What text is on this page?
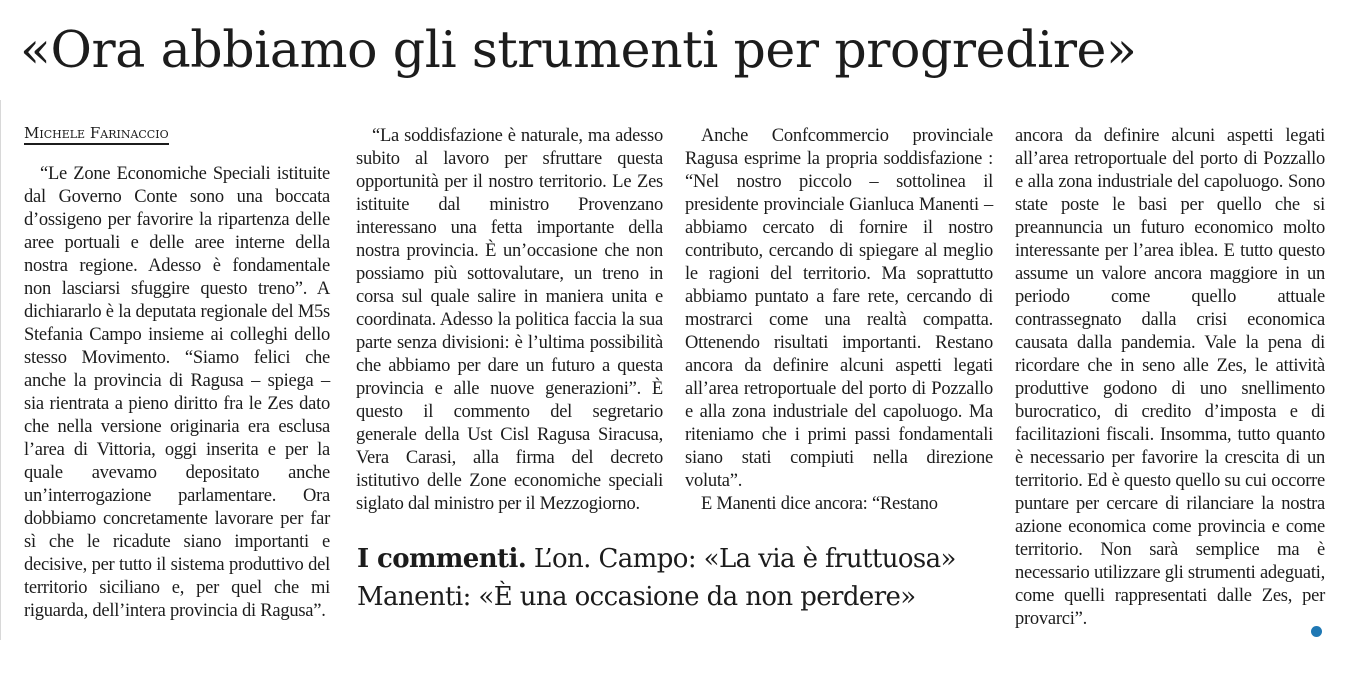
«Ora abbiamo gli strumenti per progredire»
Michele Farinaccio

“Le Zone Economiche Speciali istituite dal Governo Conte sono una boccata d’ossigeno per favorire la ripartenza delle aree portuali e delle aree interne della nostra regione. Adesso è fondamentale non lasciarsi sfuggire questo treno”. A dichiararlo è la deputata regionale del M5s Stefania Campo insieme ai colleghi dello stesso Movimento. “Siamo felici che anche la provincia di Ragusa – spiega – sia rientrata a pieno diritto fra le Zes dato che nella versione originaria era esclusa l’area di Vittoria, oggi inserita e per la quale avevamo depositato anche un’interrogazione parlamentare. Ora dobbiamo concretamente lavorare per far sì che le ricadute siano importanti e decisive, per tutto il sistema produttivo del territorio siciliano e, per quel che mi riguarda, dell’intera provincia di Ragusa”.

“La soddisfazione è naturale, ma adesso subito al lavoro per sfruttare questa opportunità per il nostro territorio. Le Zes istituite dal ministro Provenzano interessano una fetta importante della nostra provincia. È un’occasione che non possiamo più sottovalutare, un treno in corsa sul quale salire in maniera unita e coordinata. Adesso la politica faccia la sua parte senza divisioni: è l’ultima possibilità che abbiamo per dare un futuro a questa provincia e alle nuove generazioni”. È questo il commento del segretario generale della Ust Cisl Ragusa Siracusa, Vera Carasi, alla firma del decreto istitutivo delle Zone economiche speciali siglato dal ministro per il Mezzogiorno.

Anche Confcommercio provinciale Ragusa esprime la propria soddisfazione : “Nel nostro piccolo – sottolinea il presidente provinciale Gianluca Manenti – abbiamo cercato di fornire il nostro contributo, cercando di spiegare al meglio le ragioni del territorio. Ma soprattutto abbiamo puntato a fare rete, cercando di mostrarci come una realtà compatta. Ottenendo risultati importanti. Restano ancora da definire alcuni aspetti legati all’area retroportuale del porto di Pozzallo e alla zona industriale del capoluogo. Ma riteniamo che i primi passi fondamentali siano stati compiuti nella direzione voluta”.

E Manenti dice ancora: “Restano

ancora da definire alcuni aspetti legati all’area retroportuale del porto di Pozzallo e alla zona industriale del capoluogo. Sono state poste le basi per quello che si preannuncia un futuro economico molto interessante per l’area iblea. E tutto questo assume un valore ancora maggiore in un periodo come quello attuale contrassegnato dalla crisi economica causata dalla pandemia. Vale la pena di ricordare che in seno alle Zes, le attività produttive godono di uno snellimento burocratico, di credito d’imposta e di facilitazioni fiscali. Insomma, tutto quanto è necessario per favorire la crescita di un territorio. Ed è questo quello su cui occorre puntare per cercare di rilanciare la nostra azione economica come provincia e come territorio. Non sarà semplice ma è necessario utilizzare gli strumenti adeguati, come quelli rappresentati dalle Zes, per provarci”.

I commenti. L’on. Campo: «La via è fruttuosa»
Manenti: «È una occasione da non perdere»
